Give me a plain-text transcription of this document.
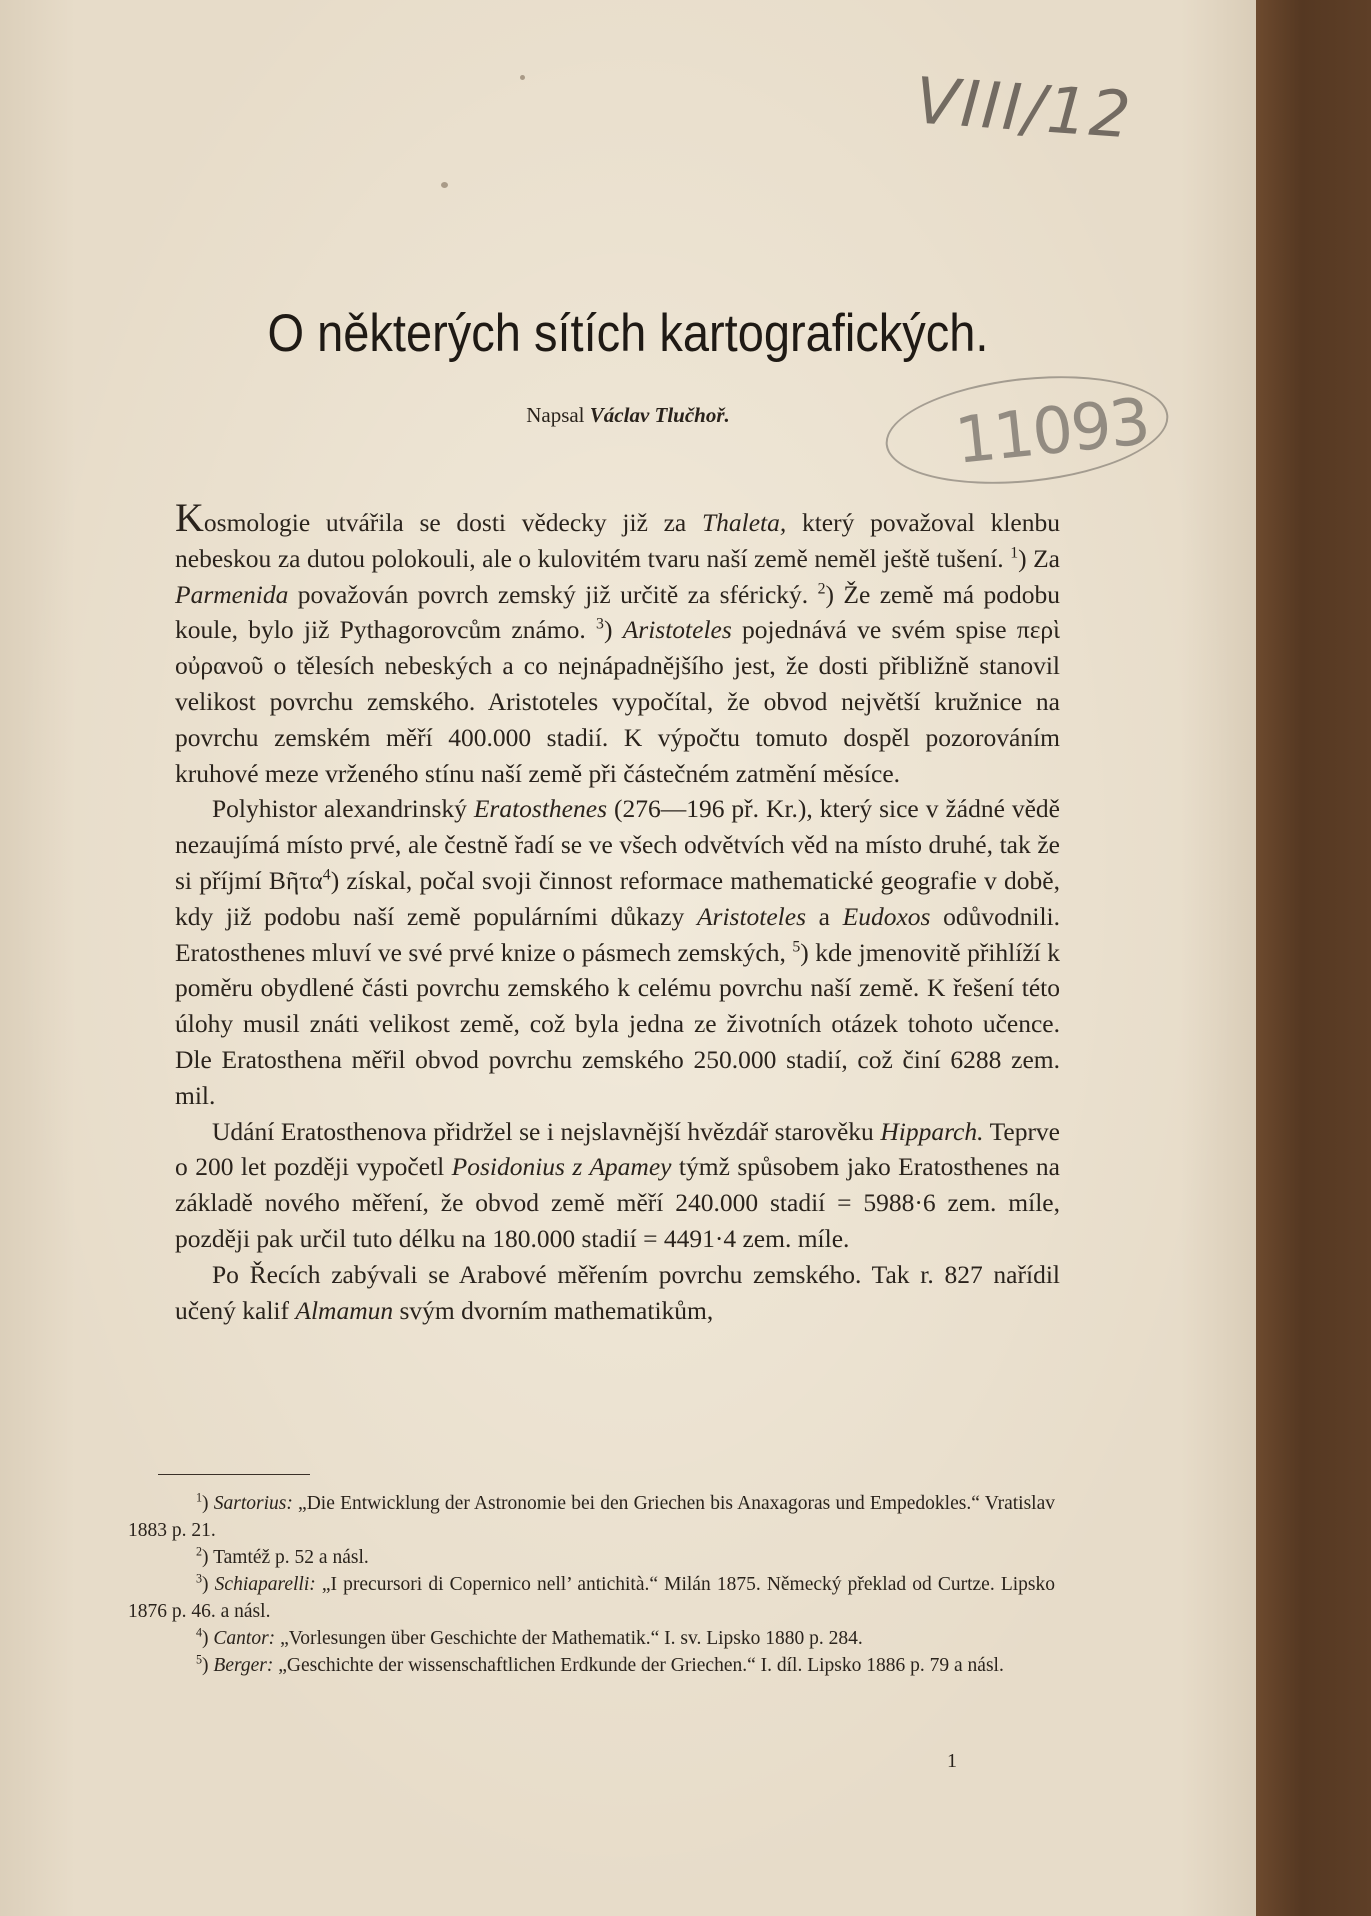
VIII/12
11093
O některých sítích kartografických.
Napsal Václav Tlučhoř.

Kosmologie utvářila se dosti vědecky již za Thaleta, který považoval klenbu nebeskou za dutou polokouli, ale o kulovitém tvaru naší země neměl ještě tušení. $^1$) Za Parmenida považován povrch zemský již určitě za sférický. $^2$) Že země má podobu koule, bylo již Pythagorovcům známo. $^3$) Aristoteles pojednává ve svém spise περὶ οὐρανοῦ o tělesích nebeských a co nejnápadnějšího jest, že dosti přibližně stanovil velikost povrchu zemského. Aristoteles vypočítal, že obvod největší kružnice na povrchu zemském měří 400.000 stadií. K výpočtu tomuto dospěl pozorováním kruhové meze vrženého stínu naší země při částečném zatmění měsíce.

Polyhistor alexandrinský Eratosthenes (276—196 př. Kr.), který sice v žádné vědě nezaujímá místo prvé, ale čestně řadí se ve všech odvětvích věd na místo druhé, tak že si příjmí Βῆτα$^4$) získal, počal svoji činnost reformace mathematické geografie v době, kdy již podobu naší země populárními důkazy Aristoteles a Eudoxos odůvodnili. Eratosthenes mluví ve své prvé knize o pásmech zemských, $^5$) kde jmenovitě přihlíží k poměru obydlené části povrchu zemského k celému povrchu naší země. K řešení této úlohy musil znáti velikost země, což byla jedna ze životních otázek tohoto učence. Dle Eratosthena měřil obvod povrchu zemského 250.000 stadií, což činí 6288 zem. mil.

Udání Eratosthenova přidržel se i nejslavnější hvězdář starověku Hipparch. Teprve o 200 let později vypočetl Posidonius z Apamey týmž spůsobem jako Eratosthenes na základě nového měření, že obvod země měří 240.000 stadií = 5988·6 zem. míle, později pak určil tuto délku na 180.000 stadií = 4491·4 zem. míle.

Po Řecích zabývali se Arabové měřením povrchu zemského. Tak r. 827 nařídil učený kalif Almamun svým dvorním mathematikům,

$^1$) Sartorius: „Die Entwicklung der Astronomie bei den Griechen bis Anaxagoras und Empedokles.“ Vratislav 1883 p. 21.

$^2$) Tamtéž p. 52 a násl.

$^3$) Schiaparelli: „I precursori di Copernico nell’ antichità.“ Milán 1875. Německý překlad od Curtze. Lipsko 1876 p. 46. a násl.

$^4$) Cantor: „Vorlesungen über Geschichte der Mathematik.“ I. sv. Lipsko 1880 p. 284.

$^5$) Berger: „Geschichte der wissenschaftlichen Erdkunde der Griechen.“ I. díl. Lipsko 1886 p. 79 a násl.

1
